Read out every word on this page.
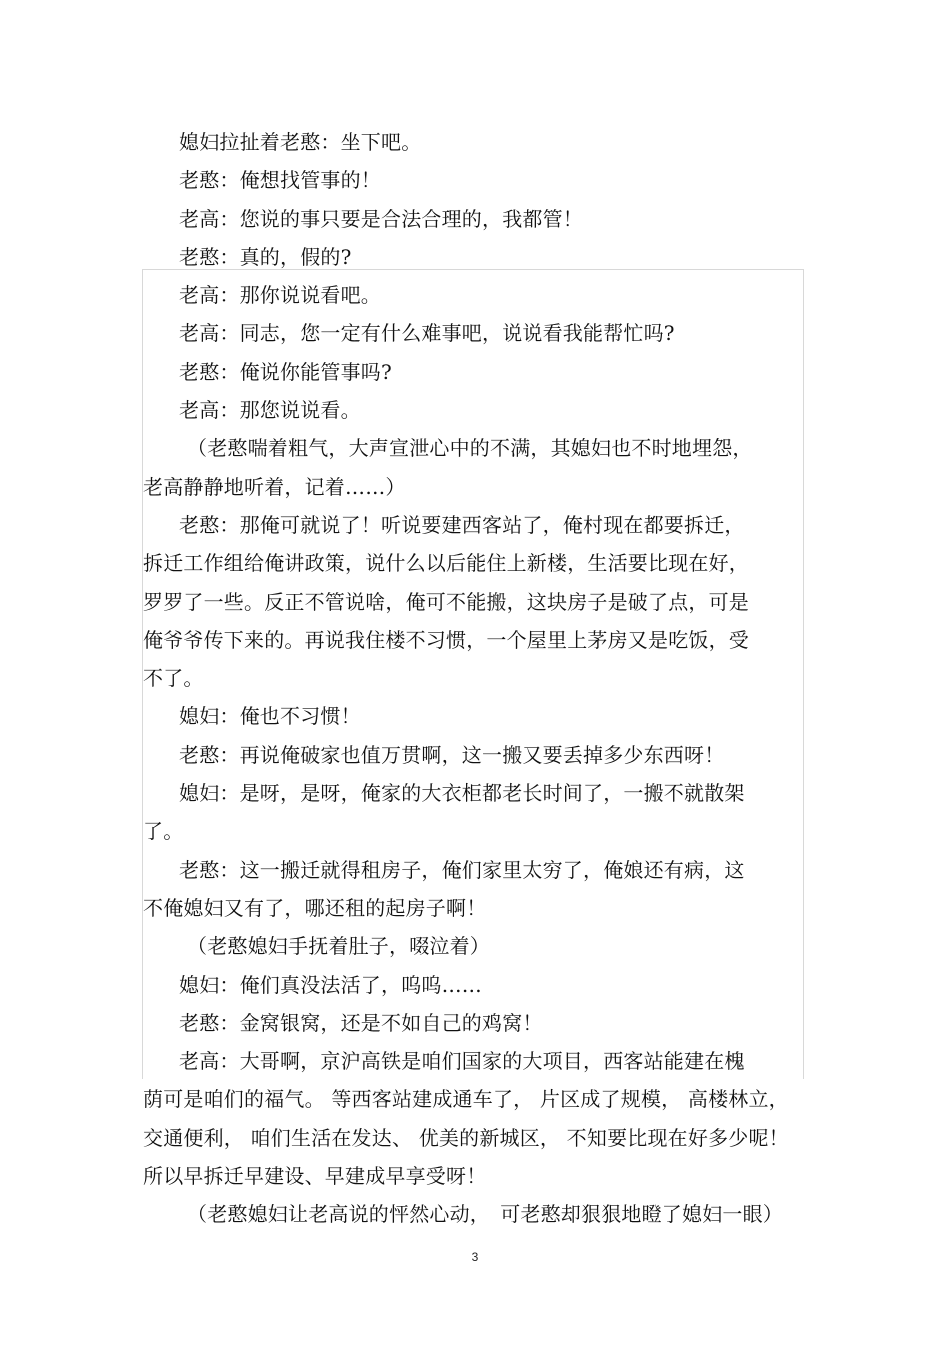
媳妇拉扯着老憨：坐下吧。
老憨：俺想找管事的！
老高：您说的事只要是合法合理的，我都管！
老憨：真的，假的?
老高：那你说说看吧。
老高：同志，您一定有什么难事吧，说说看我能帮忙吗?
老憨：俺说你能管事吗?
老高：那您说说看。
（老憨喘着粗气，大声宣泄心中的不满，其媳妇也不时地埋怨，
老高静静地听着，记着……）
老憨：那俺可就说了！听说要建西客站了，俺村现在都要拆迁，
拆迁工作组给俺讲政策，说什么以后能住上新楼，生活要比现在好，
罗罗了一些。反正不管说啥，俺可不能搬，这块房子是破了点，可是
俺爷爷传下来的。再说我住楼不习惯，一个屋里上茅房又是吃饭，受
不了。
媳妇：俺也不习惯！
老憨：再说俺破家也值万贯啊，这一搬又要丢掉多少东西呀！
媳妇：是呀，是呀，俺家的大衣柜都老长时间了，一搬不就散架
了。
老憨：这一搬迁就得租房子，俺们家里太穷了，俺娘还有病，这
不俺媳妇又有了，哪还租的起房子啊！
（老憨媳妇手抚着肚子，啜泣着）
媳妇：俺们真没法活了，呜呜……
老憨：金窝银窝，还是不如自己的鸡窝！
老高：大哥啊，京沪高铁是咱们国家的大项目，西客站能建在槐
荫可是咱们的福气。 等西客站建成通车了， 片区成了规模， 高楼林立，
交通便利， 咱们生活在发达、 优美的新城区， 不知要比现在好多少呢！
所以早拆迁早建设、早建成早享受呀！
（老憨媳妇让老高说的怦然心动，　可老憨却狠狠地瞪了媳妇一眼）
3
